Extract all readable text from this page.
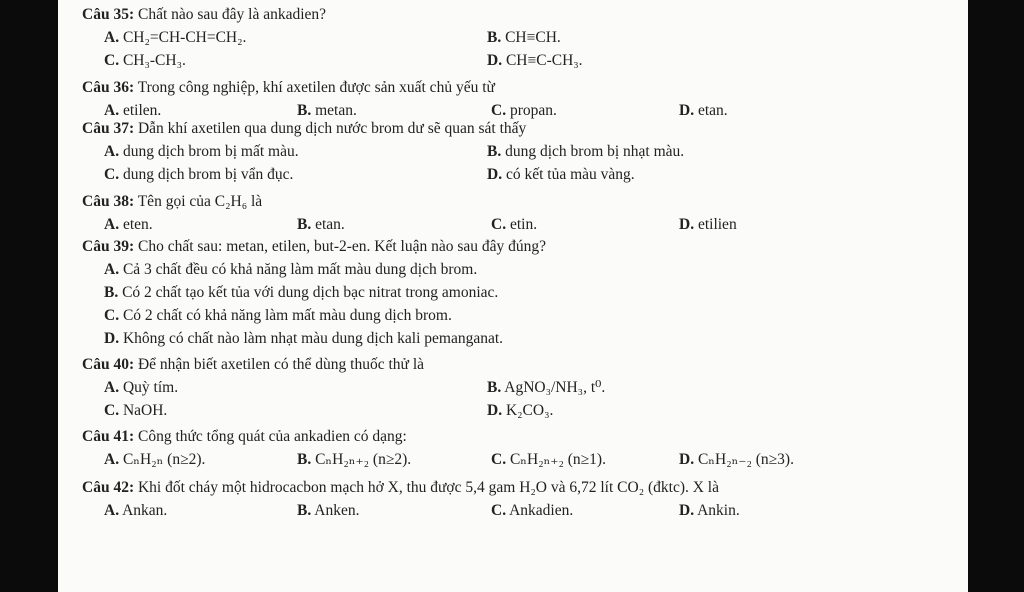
Câu 35: Chất nào sau đây là ankadien?
A. CH₂=CH-CH=CH₂.	B. CH≡CH.
C. CH₃-CH₃.	D. CH≡C-CH₃.
Câu 36: Trong công nghiệp, khí axetilen được sản xuất chủ yếu từ
A. etilen.	B. metan.	C. propan.	D. etan.
Câu 37: Dẫn khí axetilen qua dung dịch nước brom dư sẽ quan sát thấy
A. dung dịch brom bị mất màu.	B. dung dịch brom bị nhạt màu.
C. dung dịch brom bị vẩn đục.	D. có kết tủa màu vàng.
Câu 38: Tên gọi của C₂H₆ là
A. eten.	B. etan.	C. etin.	D. etilien
Câu 39: Cho chất sau: metan, etilen, but-2-en. Kết luận nào sau đây đúng?
A. Cả 3 chất đều có khả năng làm mất màu dung dịch brom.
B. Có 2 chất tạo kết tủa với dung dịch bạc nitrat trong amoniac.
C. Có 2 chất có khả năng làm mất màu dung dịch brom.
D. Không có chất nào làm nhạt màu dung dịch kali pemanganat.
Câu 40: Để nhận biết axetilen có thể dùng thuốc thử là
A. Quỳ tím.	B. AgNO₃/NH₃, t⁰.
C. NaOH.	D. K₂CO₃.
Câu 41: Công thức tổng quát của ankadien có dạng:
A. CₙH₂ₙ (n≥2).	B. CₙH₂ₙ₊₂ (n≥2).	C. CₙH₂ₙ₊₂ (n≥1).	D. CₙH₂ₙ₋₂ (n≥3).
Câu 42: Khi đốt cháy một hidrocacbon mạch hở X, thu được 5,4 gam H₂O và 6,72 lít CO₂ (đktc). X là
A. Ankan.	B. Anken.	C. Ankadien.	D. Ankin.
